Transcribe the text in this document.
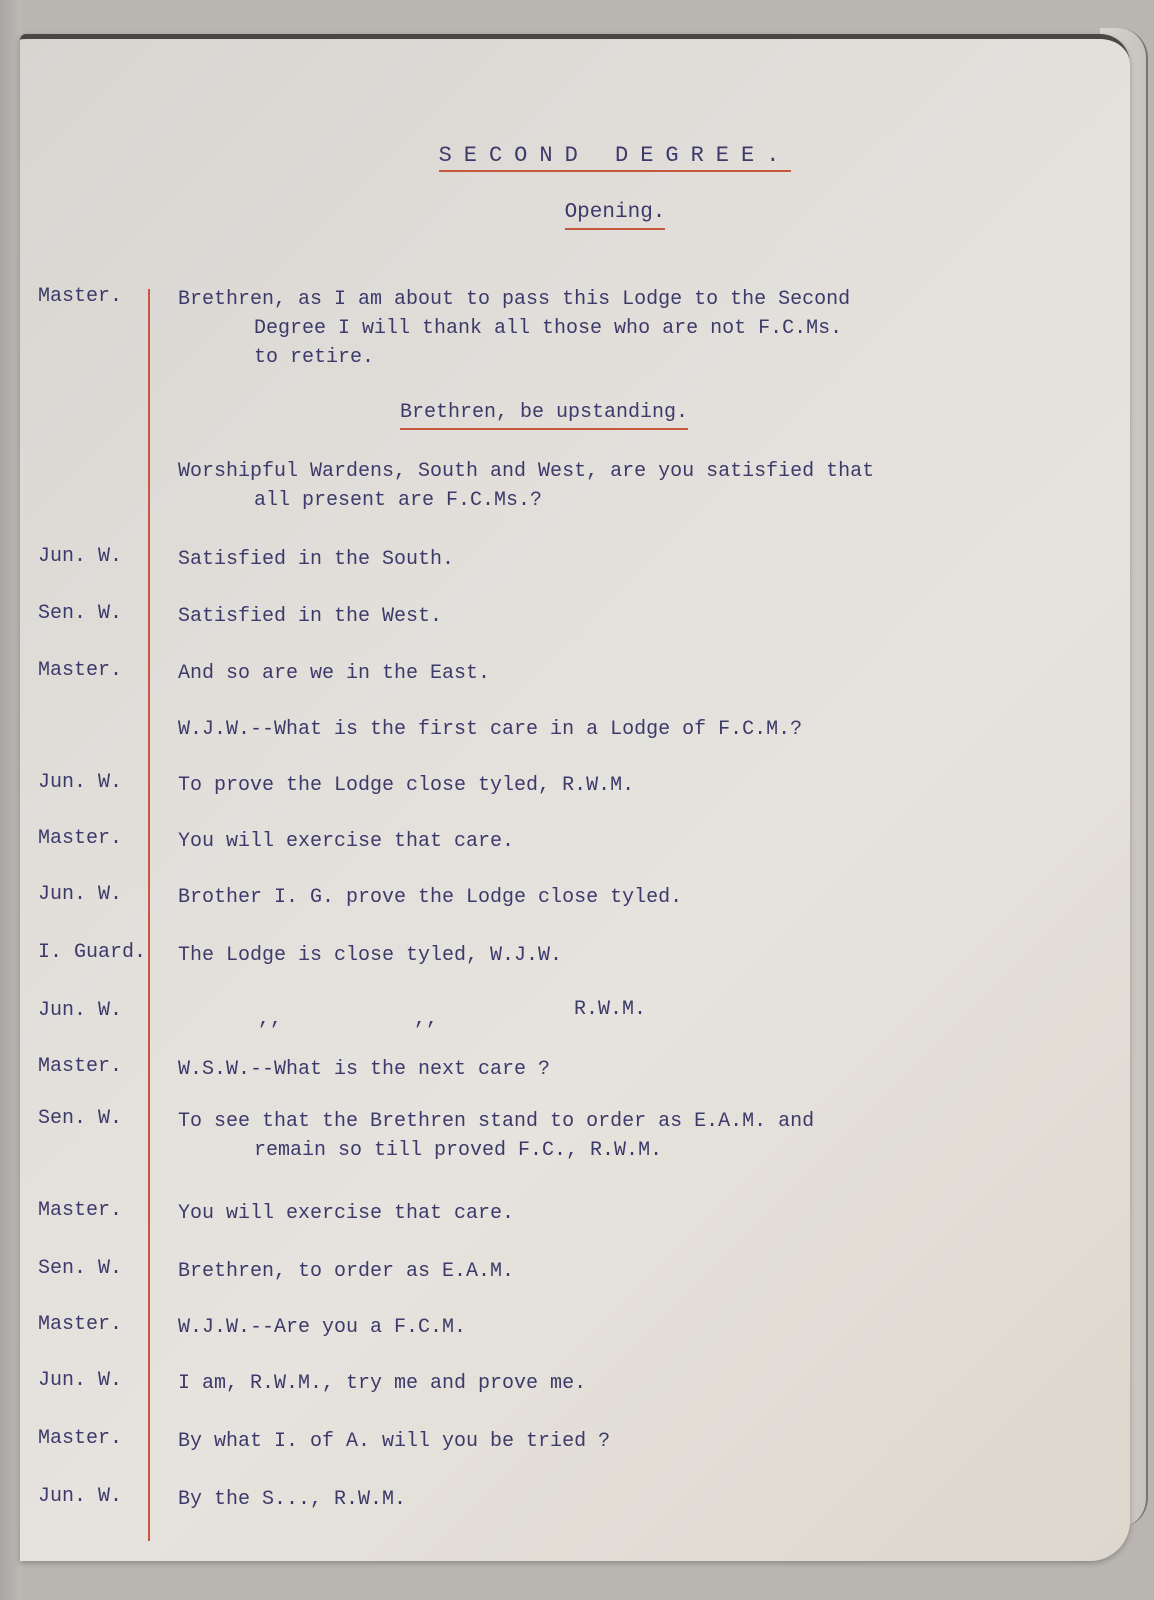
SECOND DEGREE.
Opening.
Master.	Brethren, as I am about to pass this Lodge to the Second
Degree I will thank all those who are not F.C.Ms.
to retire.
Brethren, be upstanding.
Worshipful Wardens, South and West, are you satisfied that
all present are F.C.Ms.?
Jun. W.	Satisfied in the South.
Sen. W.	Satisfied in the West.
Master.	And so are we in the East.
W.J.W.--What is the first care in a Lodge of F.C.M.?
Jun. W.	To prove the Lodge close tyled, R.W.M.
Master.	You will exercise that care.
Jun. W.	Brother I. G. prove the Lodge close tyled.
I. Guard. The Lodge is close tyled, W.J.W.
Jun. W.	,,	,,	R.W.M.
Master.	W.S.W.--What is the next care ?
Sen. W.	To see that the Brethren stand to order as E.A.M. and
remain so till proved F.C., R.W.M.
Master.	You will exercise that care.
Sen. W.	Brethren, to order as E.A.M.
Master.	W.J.W.--Are you a F.C.M.
Jun. W.	I am, R.W.M., try me and prove me.
Master.	By what I. of A. will you be tried ?
Jun. W.	By the S..., R.W.M.
